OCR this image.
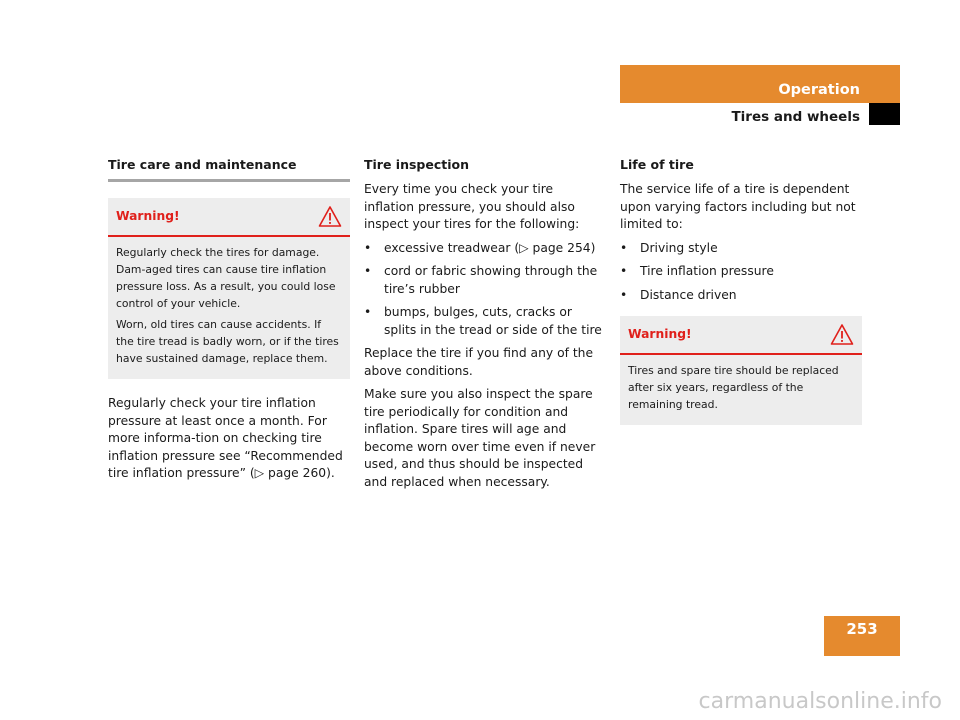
Operation
Tires and wheels
Tire care and maintenance
Warning!

Regularly check the tires for damage. Dam-aged tires can cause tire inflation pressure loss. As a result, you could lose control of your vehicle.

Worn, old tires can cause accidents. If the tire tread is badly worn, or if the tires have sustained damage, replace them.

Regularly check your tire inflation pressure at least once a month. For more informa-tion on checking tire inflation pressure see “Recommended tire inflation pressure” (▷ page 260).

Tire inspection

Every time you check your tire inflation pressure, you should also inspect your tires for the following:

• excessive treadwear (▷ page 254)
• cord or fabric showing through the tire’s rubber
• bumps, bulges, cuts, cracks or splits in the tread or side of the tire

Replace the tire if you find any of the above conditions.

Make sure you also inspect the spare tire periodically for condition and inflation. Spare tires will age and become worn over time even if never used, and thus should be inspected and replaced when necessary.

Life of tire

The service life of a tire is dependent upon varying factors including but not limited to:

• Driving style
• Tire inflation pressure
• Distance driven
Warning!

Tires and spare tire should be replaced after six years, regardless of the remaining tread.

253
carmanualsonline.info
